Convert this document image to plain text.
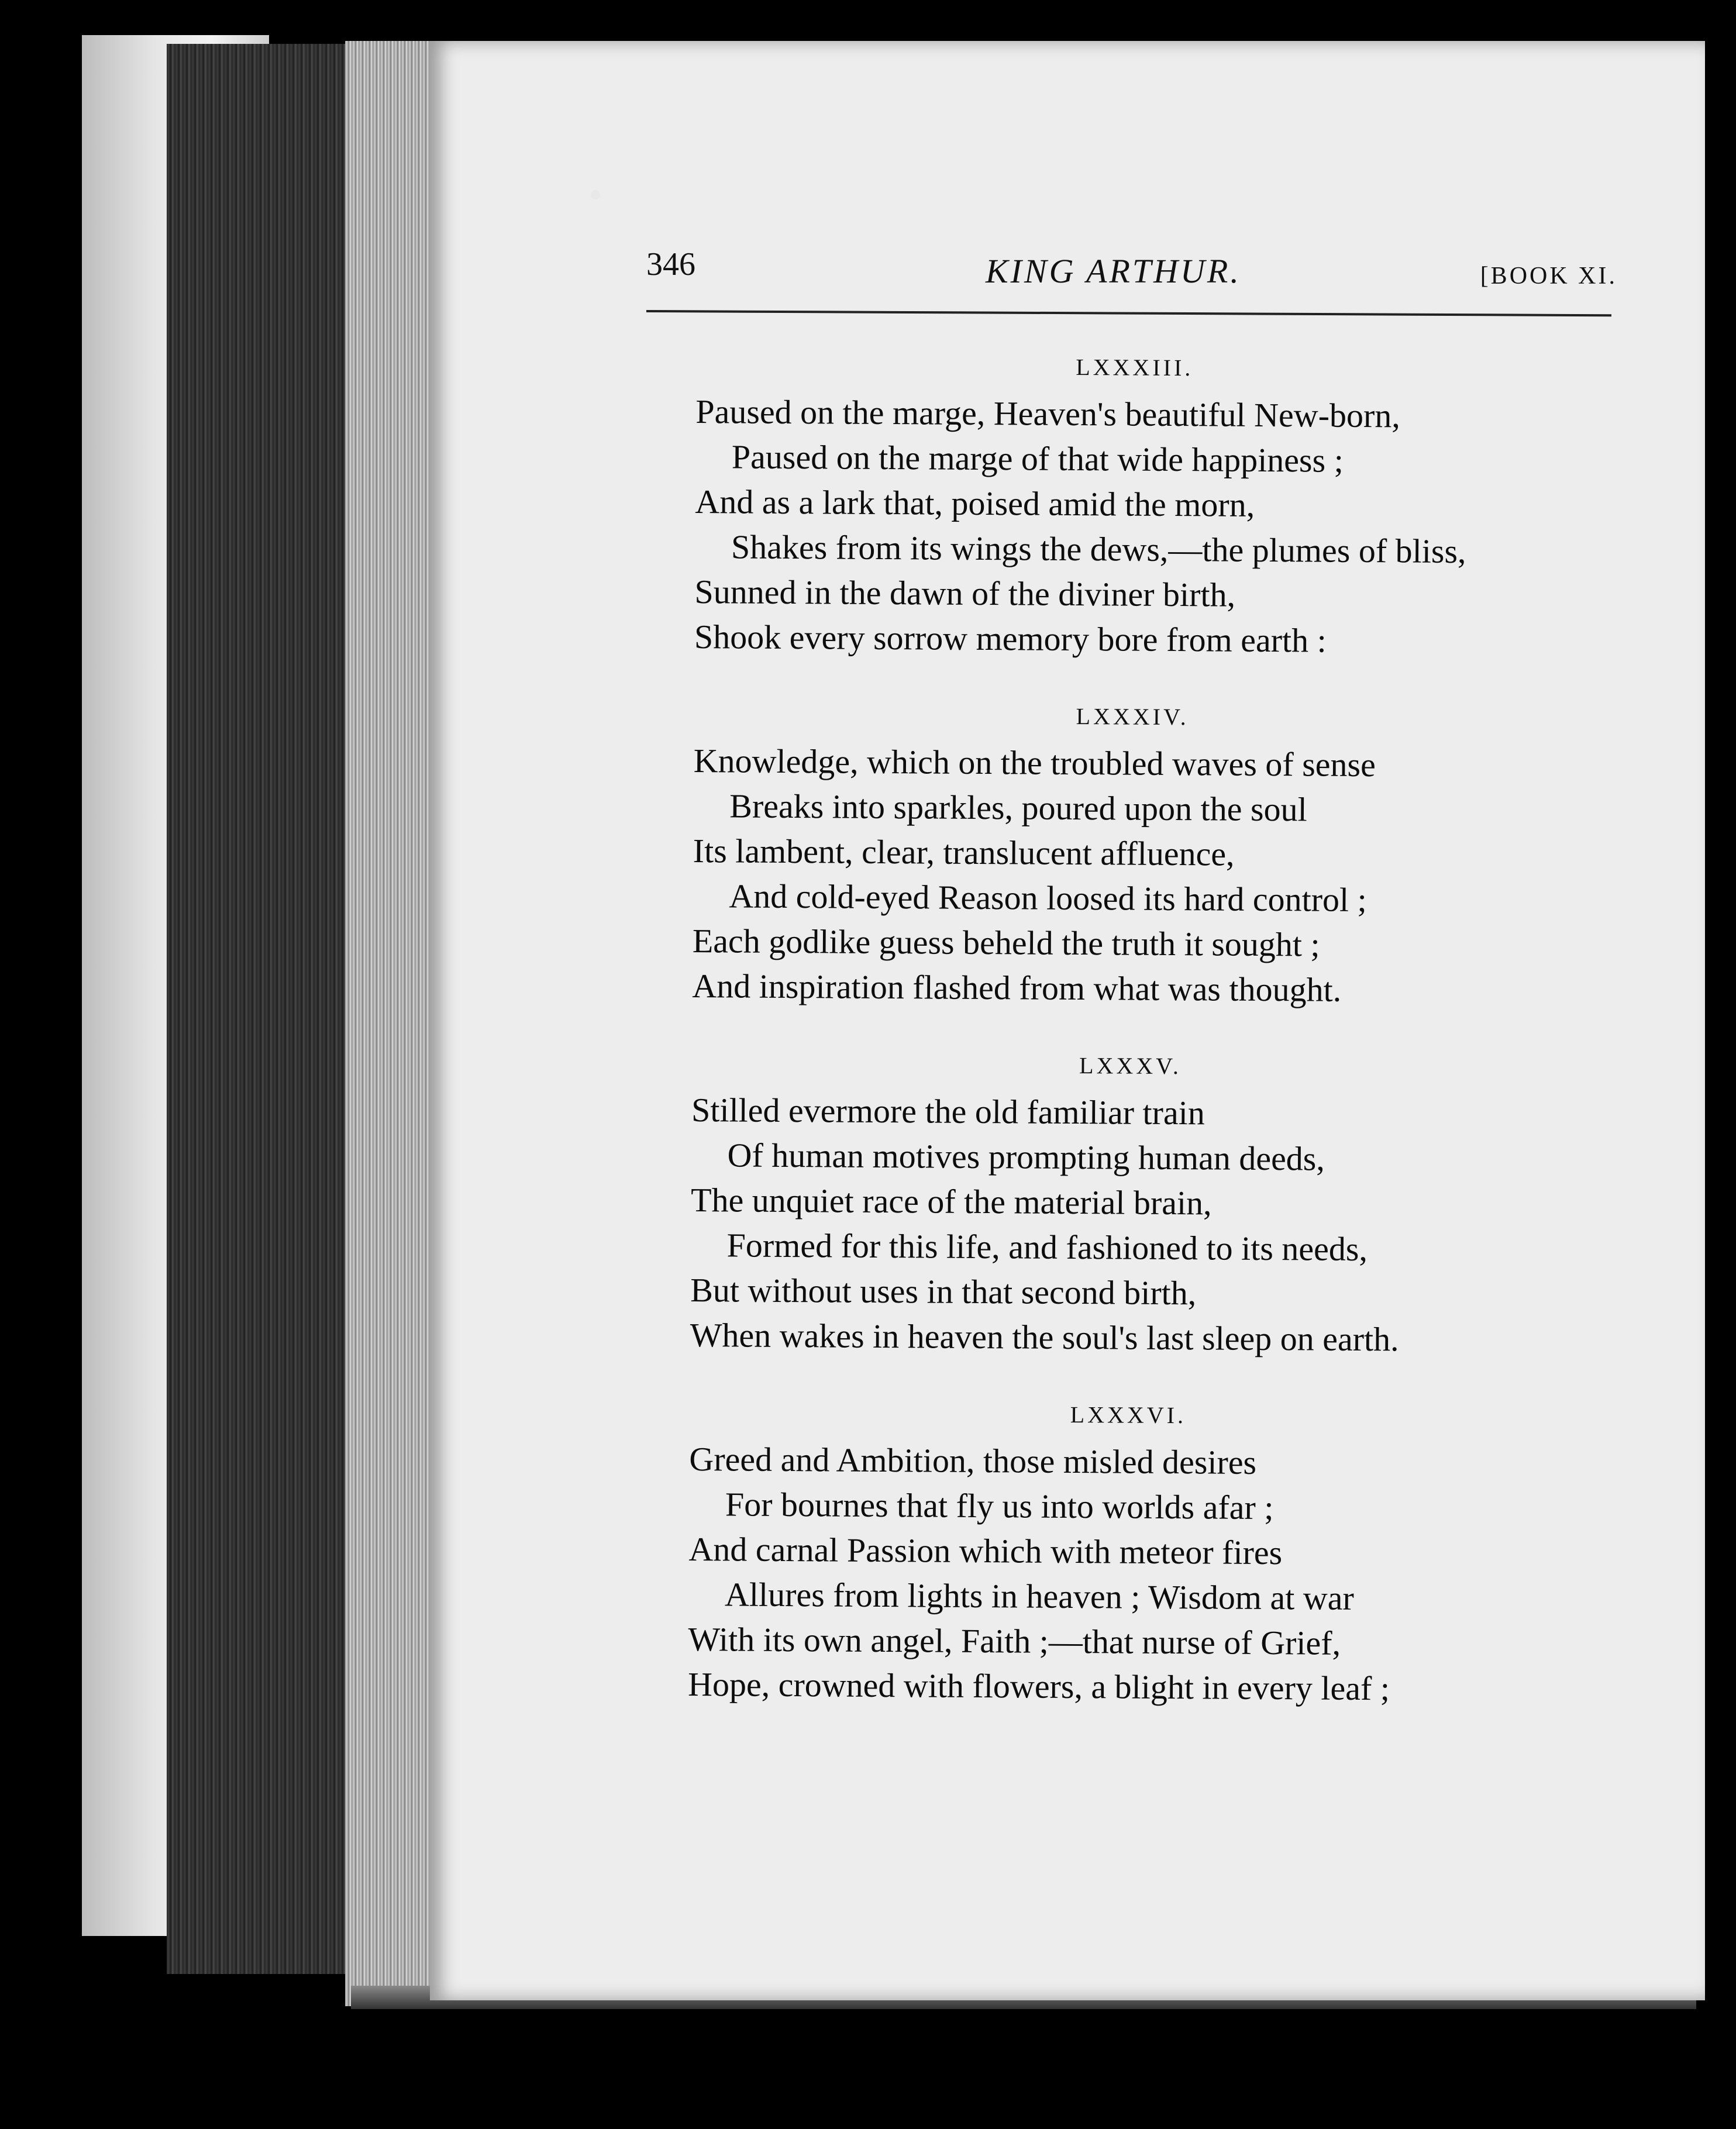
346	KING ARTHUR.	[BOOK XI.
LXXXIII.
Paused on the marge, Heaven's beautiful New-born,
Paused on the marge of that wide happiness ;
And as a lark that, poised amid the morn,
Shakes from its wings the dews,—the plumes of bliss,
Sunned in the dawn of the diviner birth,
Shook every sorrow memory bore from earth :
LXXXIV.
Knowledge, which on the troubled waves of sense
Breaks into sparkles, poured upon the soul
Its lambent, clear, translucent affluence,
And cold-eyed Reason loosed its hard control ;
Each godlike guess beheld the truth it sought ;
And inspiration flashed from what was thought.
LXXXV.
Stilled evermore the old familiar train
Of human motives prompting human deeds,
The unquiet race of the material brain,
Formed for this life, and fashioned to its needs,
But without uses in that second birth,
When wakes in heaven the soul's last sleep on earth.
LXXXVI.
Greed and Ambition, those misled desires
For bournes that fly us into worlds afar ;
And carnal Passion which with meteor fires
Allures from lights in heaven ; Wisdom at war
With its own angel, Faith ;—that nurse of Grief,
Hope, crowned with flowers, a blight in every leaf ;
